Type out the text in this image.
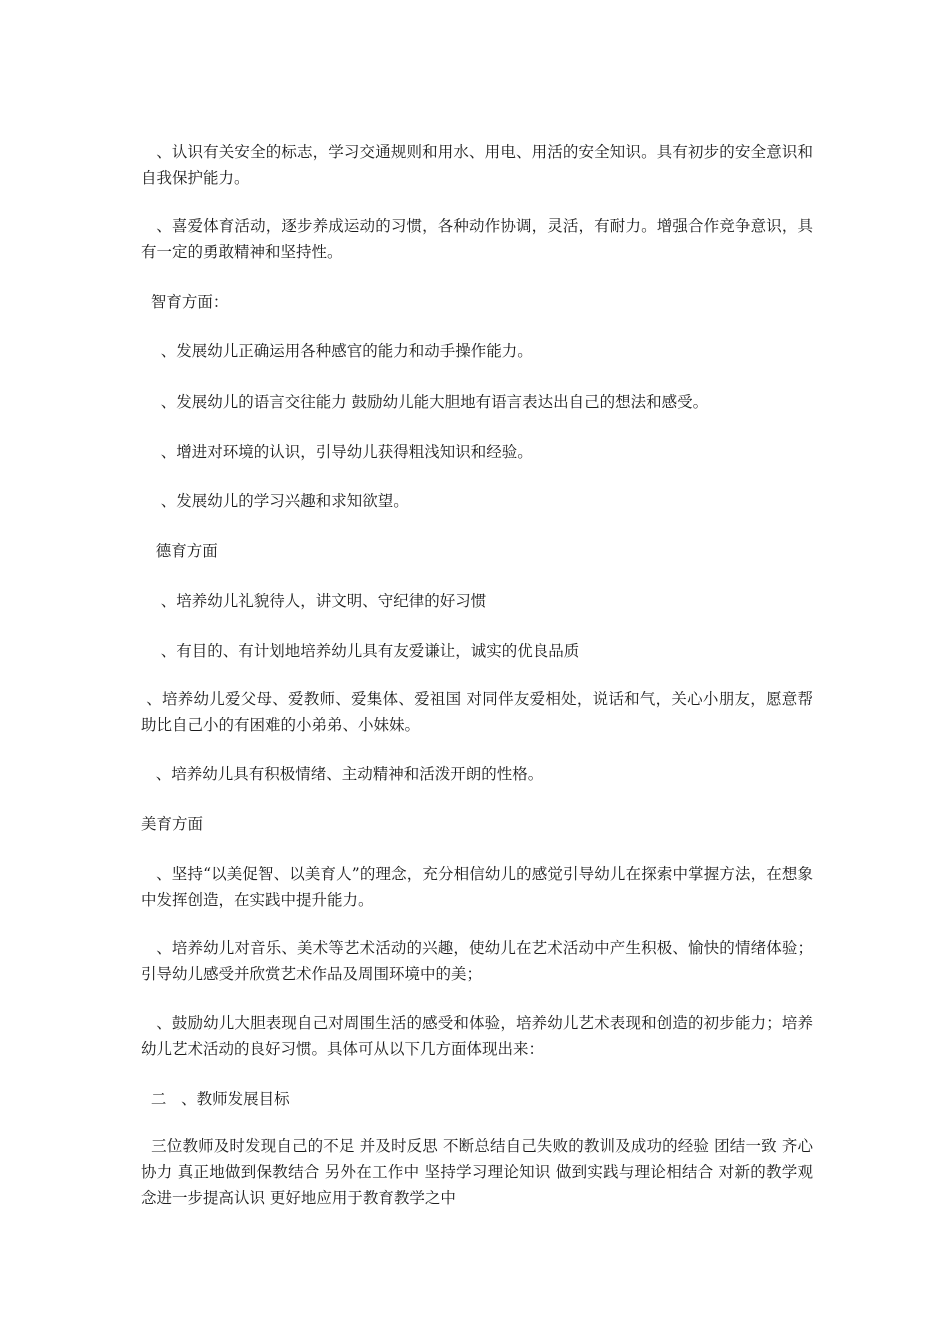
、认识有关安全的标志，学习交通规则和用水、用电、用活的安全知识。具有初步的安全意识和自我保护能力。

、喜爱体育活动，逐步养成运动的习惯，各种动作协调，灵活，有耐力。增强合作竞争意识，具有一定的勇敢精神和坚持性。

智育方面：

、发展幼儿正确运用各种感官的能力和动手操作能力。

、发展幼儿的语言交往能力 鼓励幼儿能大胆地有语言表达出自己的想法和感受。

、增进对环境的认识，引导幼儿获得粗浅知识和经验。

、发展幼儿的学习兴趣和求知欲望。

德育方面

、培养幼儿礼貌待人，讲文明、守纪律的好习惯

、有目的、有计划地培养幼儿具有友爱谦让，诚实的优良品质

、培养幼儿爱父母、爱教师、爱集体、爱祖国 对同伴友爱相处，说话和气，关心小朋友，愿意帮助比自己小的有困难的小弟弟、小妹妹。

、培养幼儿具有积极情绪、主动精神和活泼开朗的性格。

美育方面

、坚持“以美促智、以美育人”的理念，充分相信幼儿的感觉引导幼儿在探索中掌握方法，在想象中发挥创造，在实践中提升能力。

、培养幼儿对音乐、美术等艺术活动的兴趣，使幼儿在艺术活动中产生积极、愉快的情绪体验；引导幼儿感受并欣赏艺术作品及周围环境中的美；

、鼓励幼儿大胆表现自己对周围生活的感受和体验，培养幼儿艺术表现和创造的初步能力；培养幼儿艺术活动的良好习惯。具体可从以下几方面体现出来：

二   、教师发展目标

三位教师及时发现自己的不足 并及时反思 不断总结自己失败的教训及成功的经验 团结一致 齐心协力 真正地做到保教结合 另外在工作中 坚持学习理论知识 做到实践与理论相结合 对新的教学观念进一步提高认识 更好地应用于教育教学之中
